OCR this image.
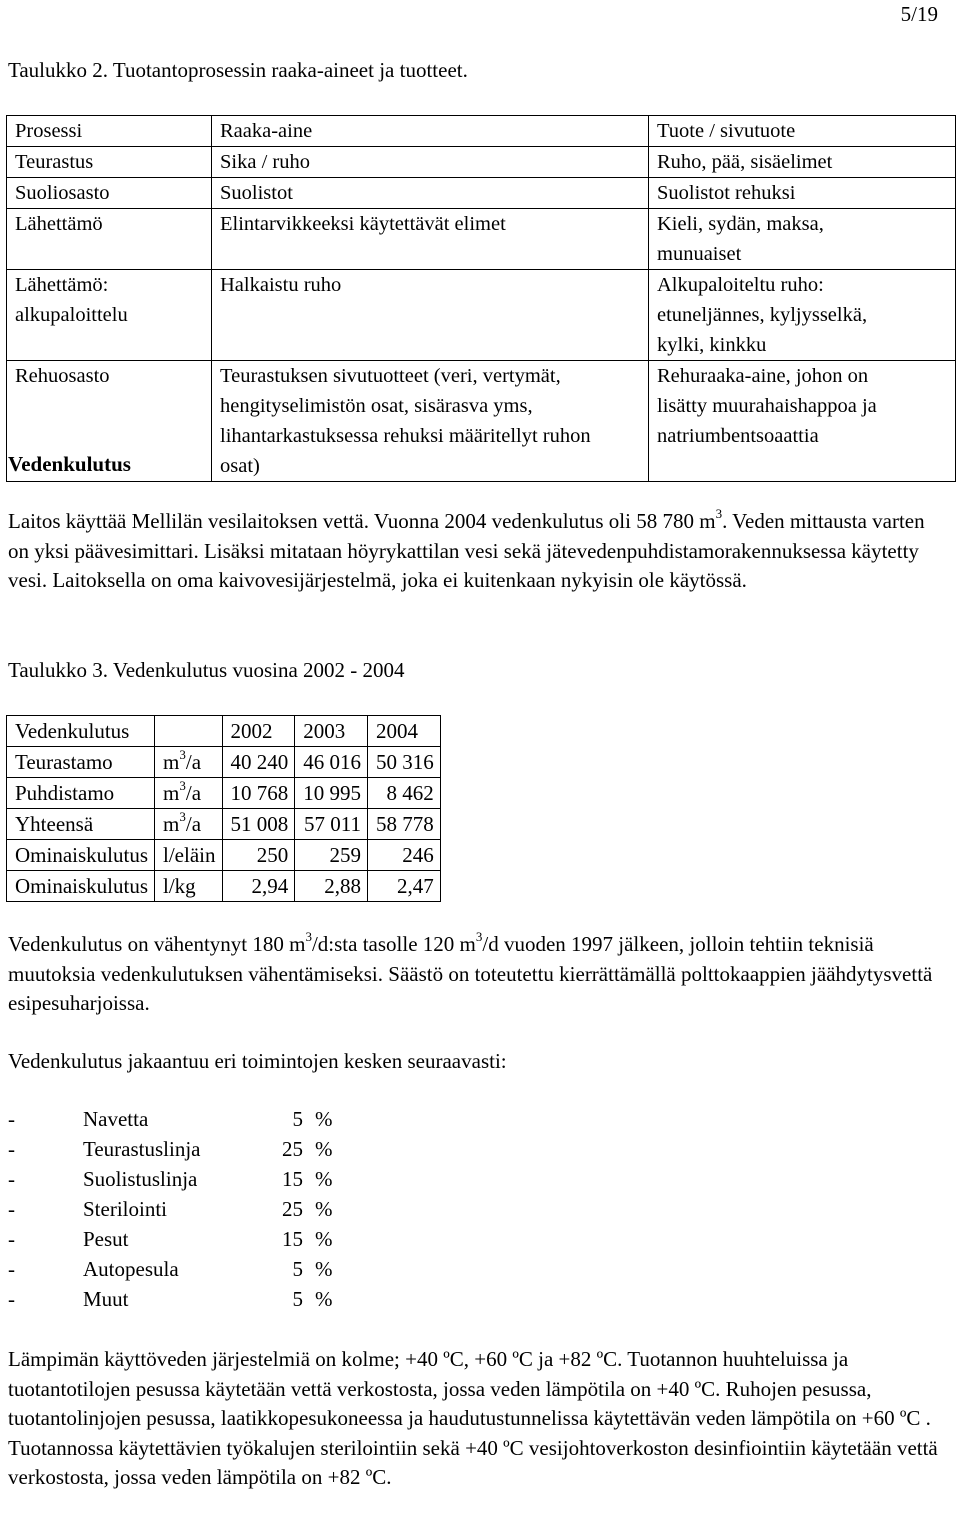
5/19
Taulukko 2. Tuotantoprosessin raaka-aineet ja tuotteet.
Prosessi	Raaka-aine	Tuote / sivutuote
Teurastus	Sika / ruho	Ruho, pää, sisäelimet
Suoliosasto	Suolistot	Suolistot rehuksi
Lähettämö	Elintarvikkeeksi käytettävät elimet	Kieli, sydän, maksa, munuaiset
Lähettämö: alkupaloittelu	Halkaistu ruho	Alkupaloiteltu ruho: etuneljännes, kyljysselkä, kylki, kinkku
Rehuosasto	Teurastuksen sivutuotteet (veri, vertymät, hengityselimistön osat, sisärasva yms, lihantarkastuksessa rehuksi määritellyt ruhon osat)	Rehuraaka-aine, johon on lisätty muurahaishappoa ja natriumbentsoaattia
Vedenkulutus

Laitos käyttää Mellilän vesilaitoksen vettä. Vuonna 2004 vedenkulutus oli 58 780 $m^3$. Veden mittausta varten on yksi päävesimittari. Lisäksi mitataan höyrykattilan vesi sekä jätevedenpuhdistamorakennuksessa käytetty vesi. Laitoksella on oma kaivovesijärjestelmä, joka ei kuitenkaan nykyisin ole käytössä.

Taulukko 3. Vedenkulutus vuosina 2002 - 2004
Vedenkulutus		2002	2003	2004
Teurastamo	$m^3/a$	40 240	46 016	50 316
Puhdistamo	$m^3/a$	10 768	10 995	8 462
Yhteensä	$m^3/a$	51 008	57 011	58 778
Ominaiskulutus	l/eläin	250	259	246
Ominaiskulutus	l/kg	2,94	2,88	2,47

Vedenkulutus on vähentynyt 180 $m^3/d:sta$ tasolle 120 $m^3/d$ vuoden 1997 jälkeen, jolloin tehtiin teknisiä muutoksia vedenkulutuksen vähentämiseksi. Säästö on toteutettu kierrättämällä polttokaappien jäähdytysvettä esipesuharjoissa.

Vedenkulutus jakaantuu eri toimintojen kesken seuraavasti:

-	Navetta	5 %
-	Teurastuslinja	25 %
-	Suolistuslinja	15 %
-	Sterilointi	25 %
-	Pesut	15 %
-	Autopesula	5 %
-	Muut	5 %

Lämpimän käyttöveden järjestelmiä on kolme; +40 ºC, +60 ºC ja +82 ºC. Tuotannon huuhteluissa ja tuotantotilojen pesussa käytetään vettä verkostosta, jossa veden lämpötila on +40 ºC. Ruhojen pesussa, tuotantolinjojen pesussa, laatikkopesukoneessa ja haudutustunnelissa käytettävän veden lämpötila on +60 ºC . Tuotannossa käytettävien työkalujen sterilointiin sekä +40 ºC vesijohtoverkoston desinfiointiin käytetään vettä verkostosta, jossa veden lämpötila on +82 ºC.
